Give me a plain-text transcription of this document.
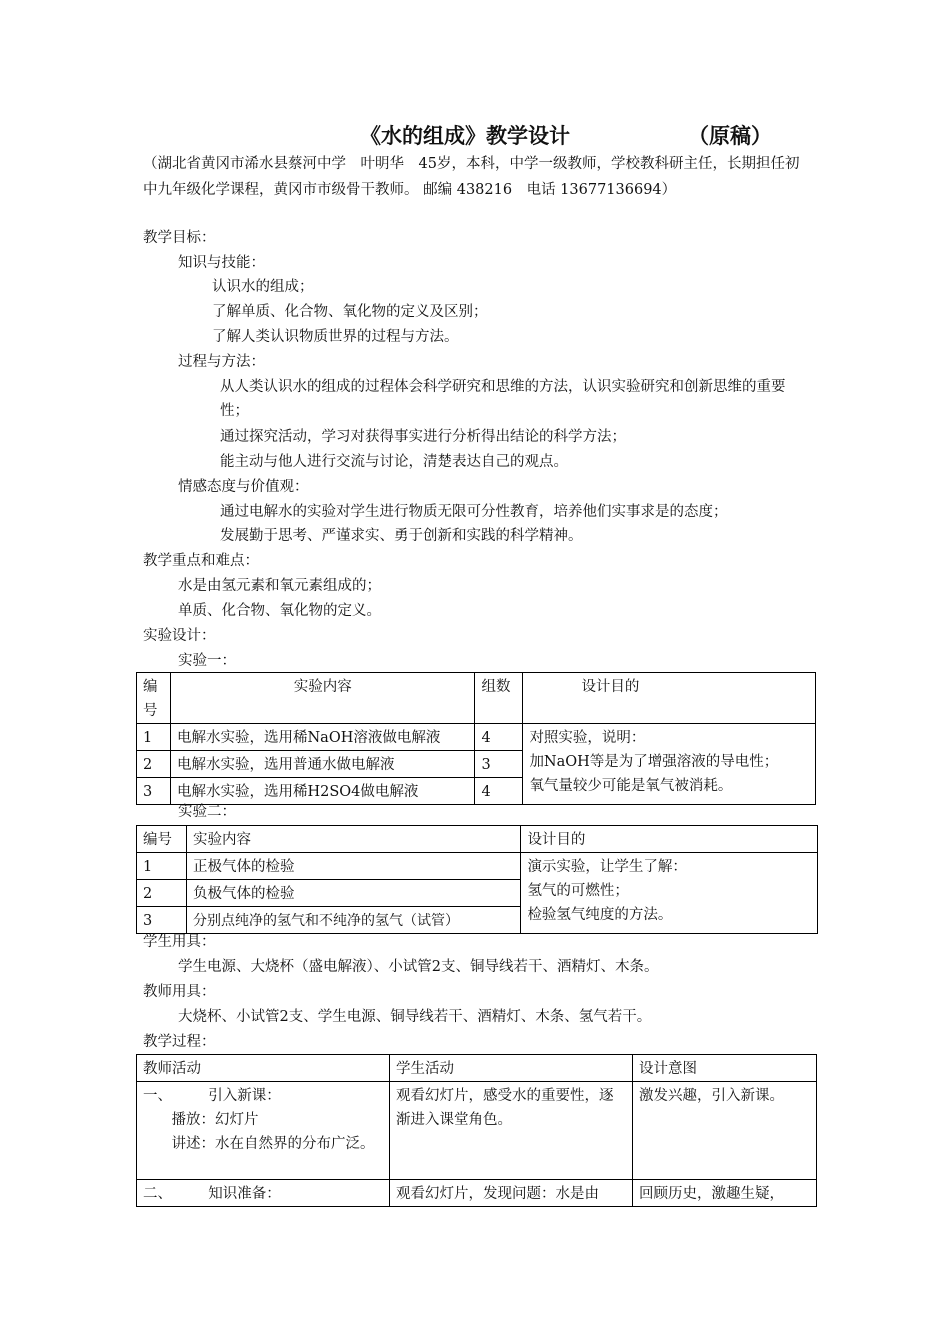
《水的组成》教学设计	（原稿）
（湖北省黄冈市浠水县蔡河中学　叶明华　45岁，本科，中学一级教师，学校教科研主任，长期担任初中九年级化学课程，黄冈市市级骨干教师。 邮编 438216　电话 13677136694）
教学目标：
知识与技能：
认识水的组成；
了解单质、化合物、氧化物的定义及区别；
了解人类认识物质世界的过程与方法。
过程与方法：
从人类认识水的组成的过程体会科学研究和思维的方法，认识实验研究和创新思维的重要性；
通过探究活动，学习对获得事实进行分析得出结论的科学方法；
能主动与他人进行交流与讨论，清楚表达自己的观点。
情感态度与价值观：
通过电解水的实验对学生进行物质无限可分性教育，培养他们实事求是的态度；
发展勤于思考、严谨求实、勇于创新和实践的科学精神。
教学重点和难点：
水是由氢元素和氧元素组成的；
单质、化合物、氧化物的定义。
实验设计：
实验一：
编号	实验内容	组数	设计目的
1	电解水实验，选用稀NaOH溶液做电解液	4	对照实验，说明：
加NaOH等是为了增强溶液的导电性；
氧气量较少可能是氧气被消耗。

2	电解水实验，选用普通水做电解液	3	
3	电解水实验，选用稀H2SO4做电解液	4	
实验二：
编号	实验内容	设计目的
1	正极气体的检验	演示实验，让学生了解：
氢气的可燃性；
检验氢气纯度的方法。

2	负极气体的检验	
3	分别点纯净的氢气和不纯净的氢气（试管）	
学生用具：
学生电源、大烧杯（盛电解液）、小试管2支、铜导线若干、酒精灯、木条。
教师用具：
大烧杯、小试管2支、学生电源、铜导线若干、酒精灯、木条、氢气若干。
教学过程：
教师活动	学生活动	设计意图

一、　　　引入新课：
　播放：幻灯片
　讲述：水在自然界的分布广泛。	观看幻灯片，感受水的重要性，逐渐进入课堂角色。	激发兴趣，引入新课。
二、　　　知识准备：	观看幻灯片，发现问题：水是由	回顾历史，激趣生疑，
